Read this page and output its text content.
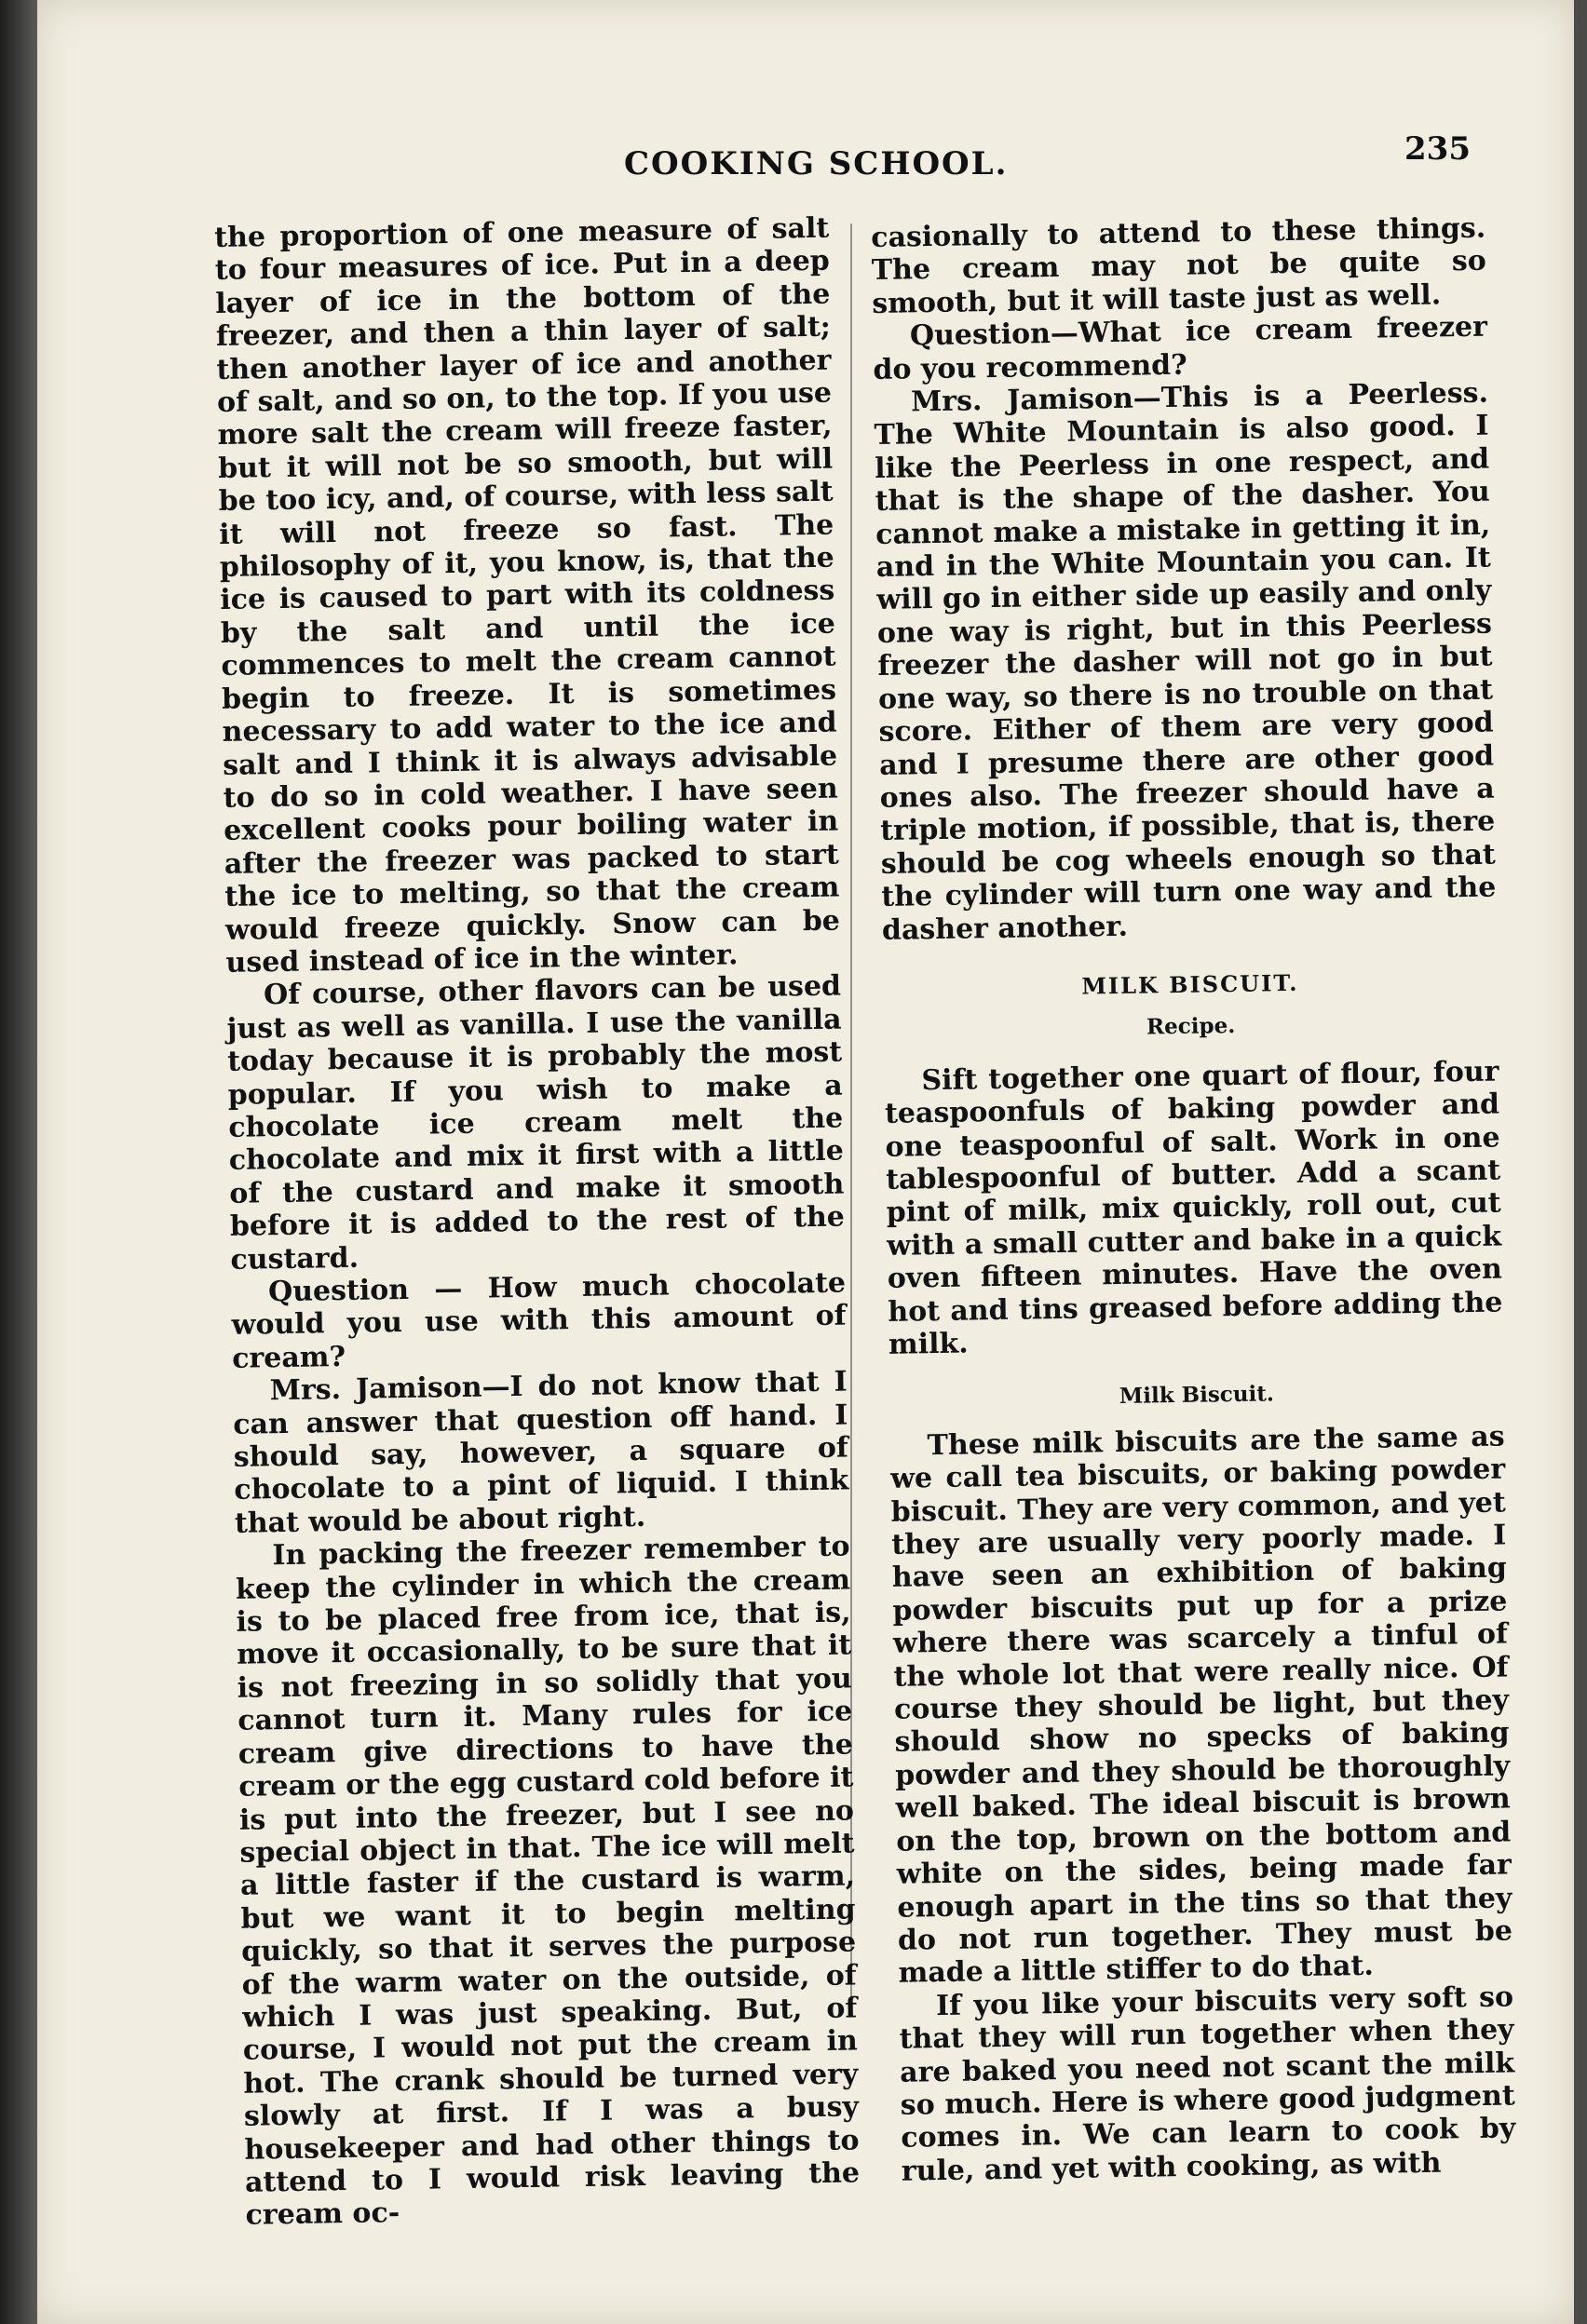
COOKING SCHOOL.	235

the proportion of one measure of salt to four measures of ice. Put in a deep layer of ice in the bottom of the freezer, and then a thin layer of salt; then another layer of ice and another of salt, and so on, to the top. If you use more salt the cream will freeze faster, but it will not be so smooth, but will be too icy, and, of course, with less salt it will not freeze so fast. The philosophy of it, you know, is, that the ice is caused to part with its coldness by the salt and until the ice commences to melt the cream cannot begin to freeze. It is sometimes necessary to add water to the ice and salt and I think it is always advisable to do so in cold weather. I have seen excellent cooks pour boiling water in after the freezer was packed to start the ice to melting, so that the cream would freeze quickly. Snow can be used instead of ice in the winter.

Of course, other flavors can be used just as well as vanilla. I use the vanilla today because it is probably the most popular. If you wish to make a chocolate ice cream melt the chocolate and mix it first with a little of the custard and make it smooth before it is added to the rest of the custard.

Question — How much chocolate would you use with this amount of cream?

Mrs. Jamison—I do not know that I can answer that question off hand. I should say, however, a square of chocolate to a pint of liquid. I think that would be about right.

In packing the freezer remember to keep the cylinder in which the cream is to be placed free from ice, that is, move it occasionally, to be sure that it is not freezing in so solidly that you cannot turn it. Many rules for ice cream give directions to have the cream or the egg custard cold before it is put into the freezer, but I see no special object in that. The ice will melt a little faster if the custard is warm, but we want it to begin melting quickly, so that it serves the purpose of the warm water on the outside, of which I was just speaking. But, of course, I would not put the cream in hot. The crank should be turned very slowly at first. If I was a busy housekeeper and had other things to attend to I would risk leaving the cream oc-

casionally to attend to these things. The cream may not be quite so smooth, but it will taste just as well.

Question—What ice cream freezer do you recommend?

Mrs. Jamison—This is a Peerless. The White Mountain is also good. I like the Peerless in one respect, and that is the shape of the dasher. You cannot make a mistake in getting it in, and in the White Mountain you can. It will go in either side up easily and only one way is right, but in this Peerless freezer the dasher will not go in but one way, so there is no trouble on that score. Either of them are very good and I presume there are other good ones also. The freezer should have a triple motion, if possible, that is, there should be cog wheels enough so that the cylinder will turn one way and the dasher another.

MILK BISCUIT.
Recipe.

Sift together one quart of flour, four teaspoonfuls of baking powder and one teaspoonful of salt. Work in one tablespoonful of butter. Add a scant pint of milk, mix quickly, roll out, cut with a small cutter and bake in a quick oven fifteen minutes. Have the oven hot and tins greased before adding the milk.

Milk Biscuit.

These milk biscuits are the same as we call tea biscuits, or baking powder biscuit. They are very common, and yet they are usually very poorly made. I have seen an exhibition of baking powder biscuits put up for a prize where there was scarcely a tinful of the whole lot that were really nice. Of course they should be light, but they should show no specks of baking powder and they should be thoroughly well baked. The ideal biscuit is brown on the top, brown on the bottom and white on the sides, being made far enough apart in the tins so that they do not run together. They must be made a little stiffer to do that.

If you like your biscuits very soft so that they will run together when they are baked you need not scant the milk so much. Here is where good judgment comes in. We can learn to cook by rule, and yet with cooking, as with
